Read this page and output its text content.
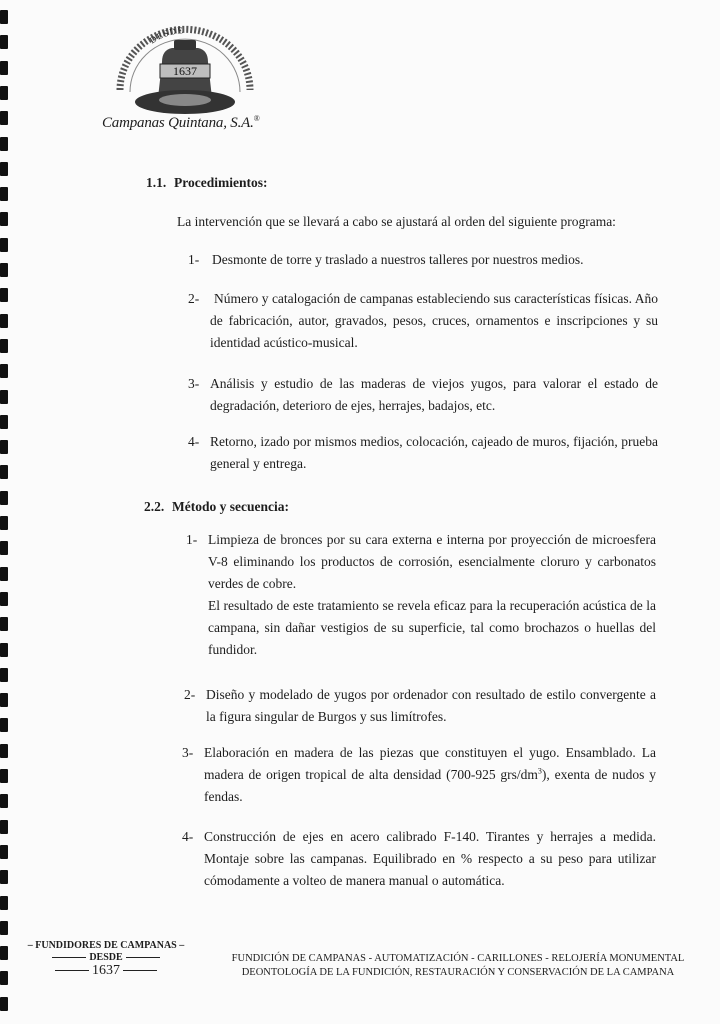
DESDE
1637
Campanas Quintana, S.A.®
1.1. Procedimientos:
La intervención que se llevará a cabo se ajustará al orden del siguiente programa:
1- Desmonte de torre y traslado a nuestros talleres por nuestros medios.
2- Número y catalogación de campanas estableciendo sus características físicas. Año de fabricación, autor, gravados, pesos, cruces, ornamentos e inscripciones y su identidad acústico-musical.
3- Análisis y estudio de las maderas de viejos yugos, para valorar el estado de degradación, deterioro de ejes, herrajes, badajos, etc.
4- Retorno, izado por mismos medios, colocación, cajeado de muros, fijación, prueba general y entrega.
2.2. Método y secuencia:
1- Limpieza de bronces por su cara externa e interna por proyección de microesfera V-8 eliminando los productos de corrosión, esencialmente cloruro y carbonatos verdes de cobre.

El resultado de este tratamiento se revela eficaz para la recuperación acústica de la campana, sin dañar vestigios de su superficie, tal como brochazos o huellas del fundidor.

2- Diseño y modelado de yugos por ordenador con resultado de estilo convergente a la figura singular de Burgos y sus limítrofes.
3- Elaboración en madera de las piezas que constituyen el yugo. Ensamblado. La madera de origen tropical de alta densidad (700-925 grs/$dm^3$), exenta de nudos y fendas.
4- Construcción de ejes en acero calibrado F-140. Tirantes y herrajes a medida. Montaje sobre las campanas. Equilibrado en % respecto a su peso para utilizar cómodamente a volteo de manera manual o automática.
– FUNDIDORES DE CAMPANAS –
DESDE
1637
FUNDICIÓN DE CAMPANAS - AUTOMATIZACIÓN - CARILLONES - RELOJERÍA MONUMENTAL
DEONTOLOGÍA DE LA FUNDICIÓN, RESTAURACIÓN Y CONSERVACIÓN DE LA CAMPANA
